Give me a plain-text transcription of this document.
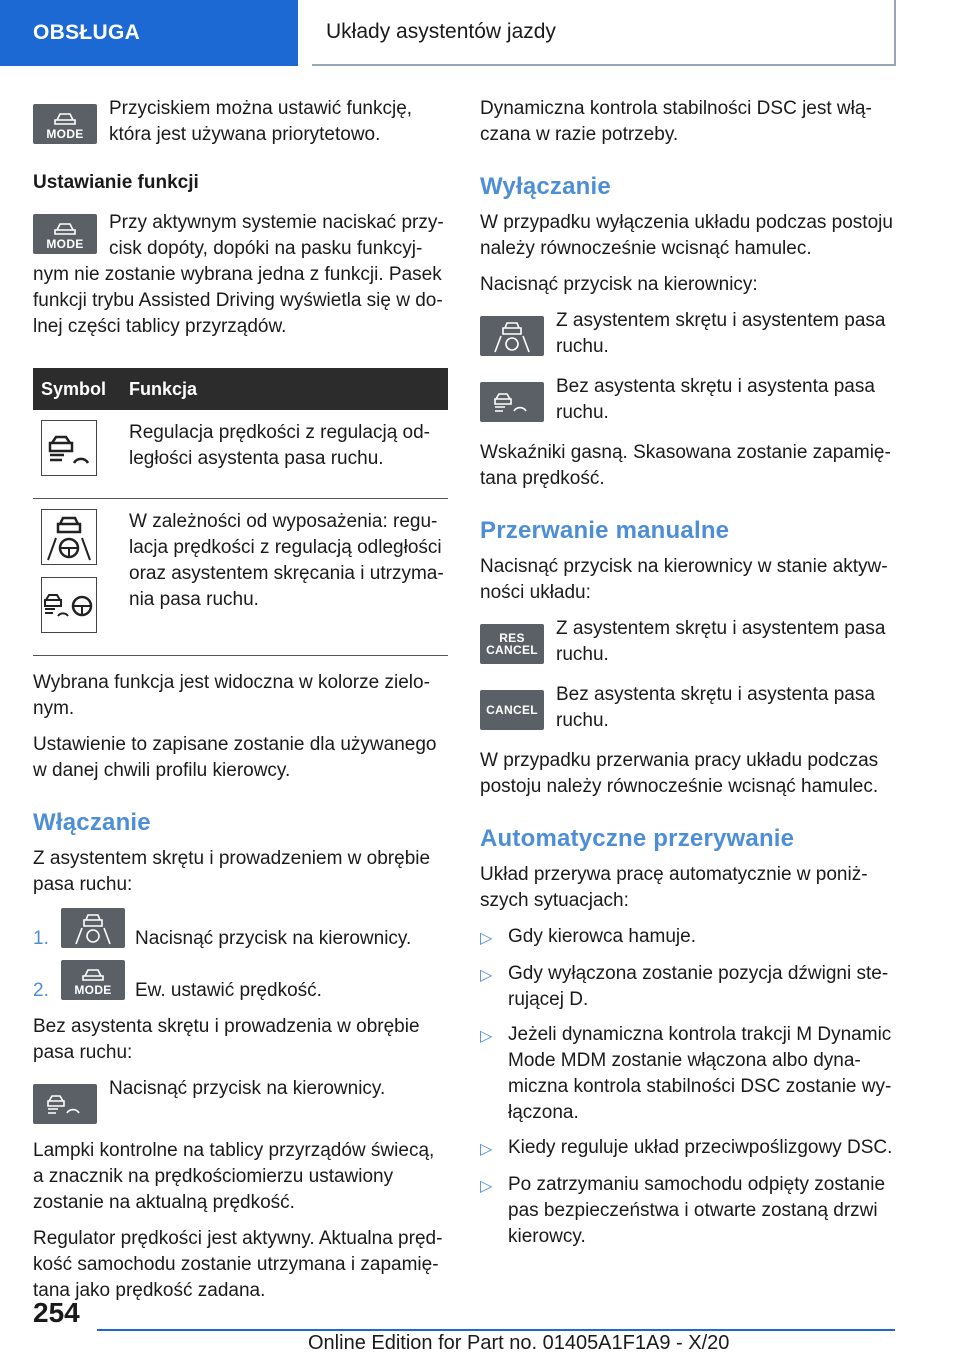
OBSŁUGA	Układy asystentów jazdy
MODE
Przyciskiem można ustawić funkcję, która jest używana priorytetowo.
Ustawianie funkcji
MODE

Przy aktywnym systemie naciskać przycisk dopóty, dopóki na pasku funkcyjnym nie zostanie wybrana jedna z funkcji. Pasek funkcji trybu Assisted Driving wyświetla się w dolnej części tablicy przyrządów.

Symbol	Funkcja

	Regulacja prędkości z regulacją odległości asystenta pasa ruchu.

	W zależności od wyposażenia: regulacja prędkości z regulacją odległości oraz asystentem skręcania i utrzymania pasa ruchu.

Wybrana funkcja jest widoczna w kolorze zielonym.

Ustawienie to zapisane zostanie dla używanego w danej chwili profilu kierowcy.

Włączanie

Z asystentem skrętu i prowadzeniem w obrębie pasa ruchu:

1.	Nacisnąć przycisk na kierownicy.
2.	MODE Ew. ustawić prędkość.

Bez asystenta skrętu i prowadzenia w obrębie pasa ruchu:

Nacisnąć przycisk na kierownicy.

Lampki kontrolne na tablicy przyrządów świecą, a znacznik na prędkościomierzu ustawiony zostanie na aktualną prędkość.

Regulator prędkości jest aktywny. Aktualna prędkość samochodu zostanie utrzymana i zapamiętana jako prędkość zadana.

Dynamiczna kontrola stabilności DSC jest włączana w razie potrzeby.

Wyłączanie

W przypadku wyłączenia układu podczas postoju należy równocześnie wcisnąć hamulec.

Nacisnąć przycisk na kierownicy:

Z asystentem skrętu i asystentem pasa ruchu.
Bez asystenta skrętu i asystenta pasa ruchu.

Wskaźniki gasną. Skasowana zostanie zapamiętana prędkość.

Przerwanie manualne

Nacisnąć przycisk na kierownicy w stanie aktywności układu:

RES
CANCEL
Z asystentem skrętu i asystentem pasa ruchu.
CANCEL
Bez asystenta skrętu i asystenta pasa ruchu.

W przypadku przerwania pracy układu podczas postoju należy równocześnie wcisnąć hamulec.

Automatyczne przerywanie

Układ przerywa pracę automatycznie w poniższych sytuacjach:

▷ Gdy kierowca hamuje.
▷ Gdy wyłączona zostanie pozycja dźwigni sterującej D.
▷ Jeżeli dynamiczna kontrola trakcji M Dynamic Mode MDM zostanie włączona albo dynamiczna kontrola stabilności DSC zostanie wyłączona.
▷ Kiedy reguluje układ przeciwpoślizgowy DSC.
▷ Po zatrzymaniu samochodu odpięty zostanie pas bezpieczeństwa i otwarte zostaną drzwi kierowcy.
254
Online Edition for Part no. 01405A1F1A9 - X/20
